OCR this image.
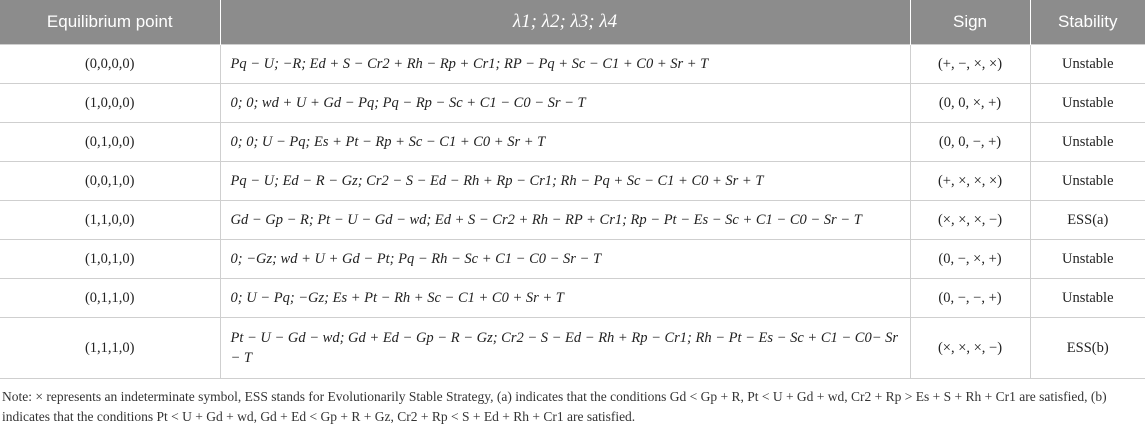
Equilibrium point	λ1; λ2; λ3; λ4	Sign	Stability
(0,0,0,0)	Pq − U; −R; Ed + S − Cr2 + Rh − Rp + Cr1; RP − Pq + Sc − C1 + C0 + Sr + T	(+, −, ×, ×)	Unstable
(1,0,0,0)	0; 0; wd + U + Gd − Pq; Pq − Rp − Sc + C1 − C0 − Sr − T	(0, 0, ×, +)	Unstable
(0,1,0,0)	0; 0; U − Pq; Es + Pt − Rp + Sc − C1 + C0 + Sr + T	(0, 0, −, +)	Unstable
(0,0,1,0)	Pq − U; Ed − R − Gz; Cr2 − S − Ed − Rh + Rp − Cr1; Rh − Pq + Sc − C1 + C0 + Sr + T	(+, ×, ×, ×)	Unstable
(1,1,0,0)	Gd − Gp − R; Pt − U − Gd − wd; Ed + S − Cr2 + Rh − RP + Cr1; Rp − Pt − Es − Sc + C1 − C0 − Sr − T	(×, ×, ×, −)	ESS(a)
(1,0,1,0)	0; −Gz; wd + U + Gd − Pt; Pq − Rh − Sc + C1 − C0 − Sr − T	(0, −, ×, +)	Unstable
(0,1,1,0)	0; U − Pq; −Gz; Es + Pt − Rh + Sc − C1 + C0 + Sr + T	(0, −, −, +)	Unstable
(1,1,1,0)	Pt − U − Gd − wd; Gd + Ed − Gp − R − Gz; Cr2 − S − Ed − Rh + Rp − Cr1; Rh − Pt − Es − Sc + C1 − C0− Sr − T	(×, ×, ×, −)	ESS(b)
Note: × represents an indeterminate symbol, ESS stands for Evolutionarily Stable Strategy, (a) indicates that the conditions Gd < Gp + R, Pt < U + Gd + wd, Cr2 + Rp > Es + S + Rh + Cr1 are satisfied, (b) indicates that the conditions Pt < U + Gd + wd, Gd + Ed < Gp + R + Gz, Cr2 + Rp < S + Ed + Rh + Cr1 are satisfied.
